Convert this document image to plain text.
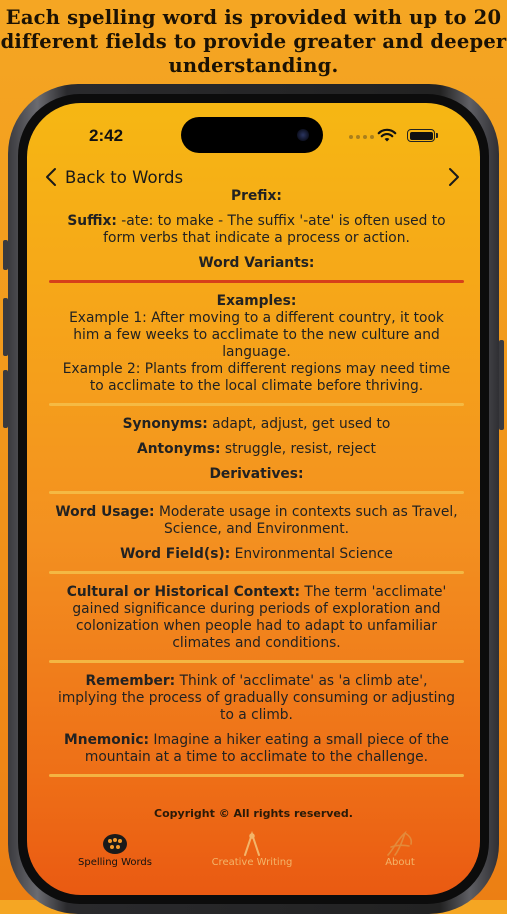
Each spelling word is provided with up to 20
different fields to provide greater and deeper
understanding.
2:42
Back to Words
Prefix:
Suffix: -ate: to make - The suffix '-ate' is often used to form verbs that indicate a process or action.
Word Variants:
Examples:
Example 1: After moving to a different country, it took him a few weeks to acclimate to the new culture and language.
Example 2: Plants from different regions may need time to acclimate to the local climate before thriving.
Synonyms: adapt, adjust, get used to
Antonyms: struggle, resist, reject
Derivatives:
Word Usage: Moderate usage in contexts such as Travel, Science, and Environment.
Word Field(s): Environmental Science
Cultural or Historical Context: The term 'acclimate' gained significance during periods of exploration and colonization when people had to adapt to unfamiliar climates and conditions.
Remember: Think of 'acclimate' as 'a climb ate', implying the process of gradually consuming or adjusting to a climb.
Mnemonic: Imagine a hiker eating a small piece of the mountain at a time to acclimate to the challenge.
Copyright © All rights reserved.
Spelling Words	Creative Writing	About
